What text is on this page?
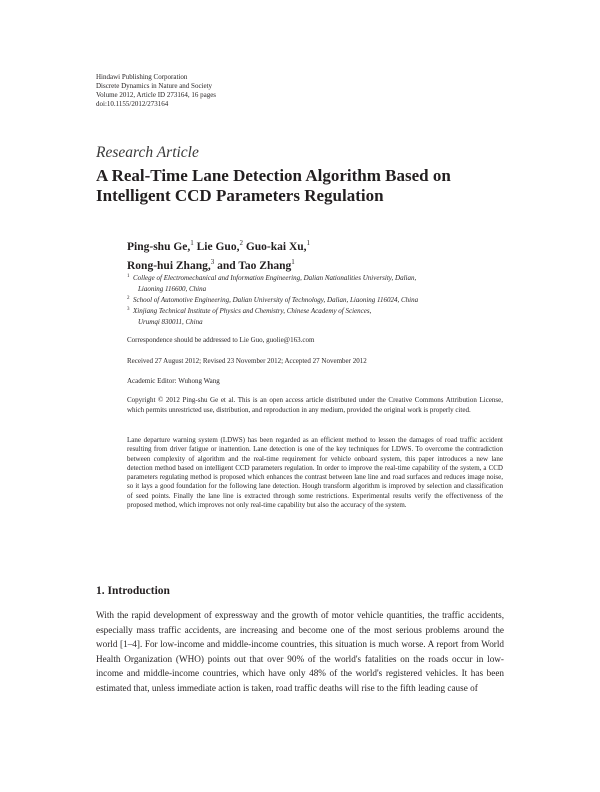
Hindawi Publishing Corporation
Discrete Dynamics in Nature and Society
Volume 2012, Article ID 273164, 16 pages
doi:10.1155/2012/273164
Research Article
A Real-Time Lane Detection Algorithm Based on
Intelligent CCD Parameters Regulation
Ping-shu Ge,$^1$ Lie Guo,$^2$ Guo-kai Xu,$^1$
Rong-hui Zhang,$^3$ and Tao Zhang$^1$
1 College of Electromechanical and Information Engineering, Dalian Nationalities University, Dalian,
Liaoning 116600, China
2 School of Automotive Engineering, Dalian University of Technology, Dalian, Liaoning 116024, China
3 Xinjiang Technical Institute of Physics and Chemistry, Chinese Academy of Sciences,
Urumqi 830011, China
Correspondence should be addressed to Lie Guo, guolie@163.com
Received 27 August 2012; Revised 23 November 2012; Accepted 27 November 2012
Academic Editor: Wuhong Wang
Copyright © 2012 Ping-shu Ge et al. This is an open access article distributed under the Creative Commons Attribution License, which permits unrestricted use, distribution, and reproduction in any medium, provided the original work is properly cited.
Lane departure warning system (LDWS) has been regarded as an efficient method to lessen the damages of road traffic accident resulting from driver fatigue or inattention. Lane detection is one of the key techniques for LDWS. To overcome the contradiction between complexity of algorithm and the real-time requirement for vehicle onboard system, this paper introduces a new lane detection method based on intelligent CCD parameters regulation. In order to improve the real-time capability of the system, a CCD parameters regulating method is proposed which enhances the contrast between lane line and road surfaces and reduces image noise, so it lays a good foundation for the following lane detection. Hough transform algorithm is improved by selection and classification of seed points. Finally the lane line is extracted through some restrictions. Experimental results verify the effectiveness of the proposed method, which improves not only real-time capability but also the accuracy of the system.
1. Introduction
With the rapid development of expressway and the growth of motor vehicle quantities, the traffic accidents, especially mass traffic accidents, are increasing and become one of the most serious problems around the world [1–4]. For low-income and middle-income countries, this situation is much worse. A report from World Health Organization (WHO) points out that over 90% of the world's fatalities on the roads occur in low-income and middle-income countries, which have only 48% of the world's registered vehicles. It has been estimated that, unless immediate action is taken, road traffic deaths will rise to the fifth leading cause of
